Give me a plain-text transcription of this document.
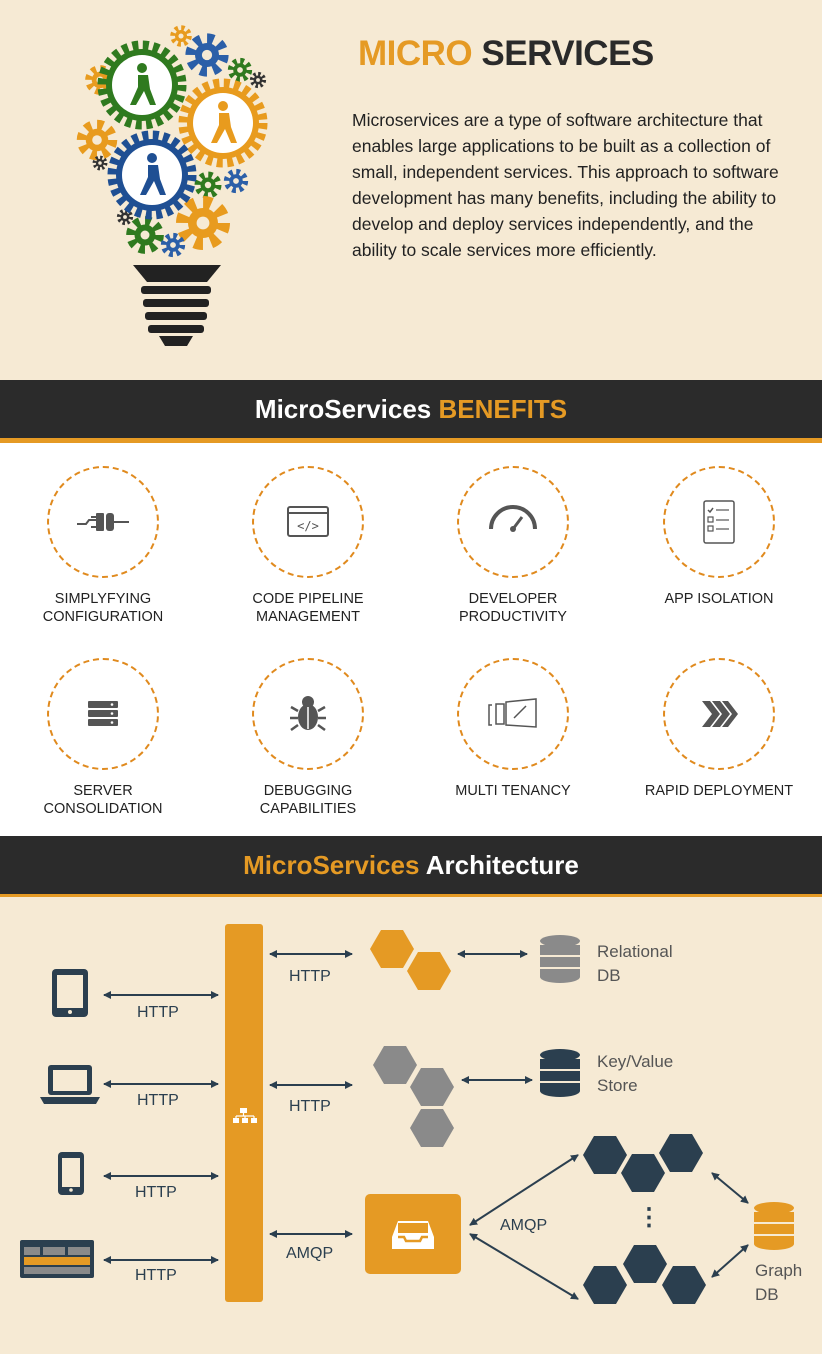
MICRO SERVICES

Microservices are a type of software architecture that enables large applications to be built as a collection of small, independent services. This approach to software

development has many benefits, including the ability to develop and deploy services independently, and the ability to scale services more efficiently.

MicroServices BENEFITS
SIMPLYFYING
CONFIGURATION
</>
CODE PIPELINE
MANAGEMENT
DEVELOPER
PRODUCTIVITY
APP ISOLATION

SERVER
CONSOLIDATION
DEBUGGING
CAPABILITIES
MULTI TENANCY	RAPID DEPLOYMENT

MicroServices Architecture
HTTP
HTTP
HTTP
HTTP
HTTP
HTTP
AMQP
AMQP
Relational
DB
Key/Value
Store
Graph
DB
⋮
